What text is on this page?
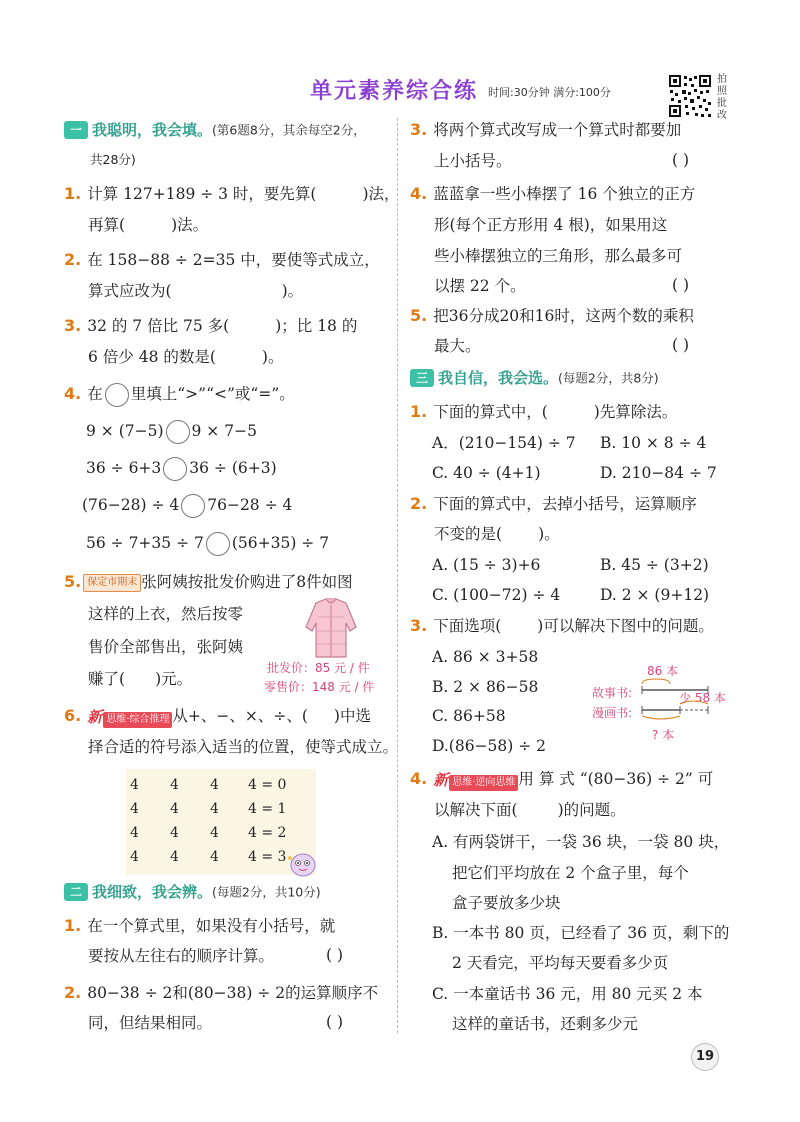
单元素养综合练 时间:30分钟 满分:100分
拍照批改
一 我聪明，我会填。(第6题8分，其余每空2分，
共28分)
1. 计算 127+189 ÷ 3 时，要先算(	)法，
再算(	)法。
2. 在 158−88 ÷ 2=35 中，要使等式成立，
算式应改为(	)。
3. 32 的 7 倍比 75 多(	)；比 18 的
6 倍少 48 的数是(	)。
4. 在 里填上“>”“<”或“=”。
9 × (7−5) 9 × 7−5
36 ÷ 6+3 36 ÷ (6+3)
(76−28) ÷ 4 76−28 ÷ 4
56 ÷ 7+35 ÷ 7 (56+35) ÷ 7
5. 保定市期末 张阿姨按批发价购进了8件如图
这样的上衣，然后按零
售价全部售出，张阿姨
赚了( )元。
批发价：85 元 / 件
零售价：148 元 / 件
6. 新 思维·综合推理 从+、−、×、÷、( )中选
择合适的符号添入适当的位置，使等式成立。
4	4	4	4 = 0
4	4	4	4 = 1
4	4	4	4 = 2
4	4	4	4 = 3
二 我细致，我会辨。(每题2分，共10分)
1. 在一个算式里，如果没有小括号，就
要按从左往右的顺序计算。	( )
2. 80−38 ÷ 2和(80−38) ÷ 2的运算顺序不
同，但结果相同。	( )
3. 将两个算式改写成一个算式时都要加
上小括号。	( )
4. 蓝蓝拿一些小棒摆了 16 个独立的正方
形(每个正方形用 4 根)，如果用这
些小棒摆独立的三角形，那么最多可
以摆 22 个。	( )
5. 把36分成20和16时，这两个数的乘积
最大。	( )
三 我自信，我会选。(每题2分，共8分)
1. 下面的算式中，(	)先算除法。
A．(210−154) ÷ 7 B. 10 × 8 ÷ 4
C. 40 ÷ (4+1)	D. 210−84 ÷ 7
2. 下面的算式中，去掉小括号，运算顺序
不变的是( )。
A. (15 ÷ 3)+6	B. 45 ÷ (3+2)
C. (100−72) ÷ 4	D. 2 × (9+12)
3. 下面选项( )可以解决下图中的问题。
A. 86 × 3+58
B. 2 × 86−58
C. 86+58
D.(86−58) ÷ 2
86 本
故事书:
漫画书:
少 58 本
? 本
4. 新 思维·逆向思维 用 算 式 “(80−36) ÷ 2” 可
以解决下面(	)的问题。
A. 有两袋饼干，一袋 36 块，一袋 80 块，
把它们平均放在 2 个盒子里，每个
盒子要放多少块
B. 一本书 80 页，已经看了 36 页，剩下的
2 天看完，平均每天要看多少页
C. 一本童话书 36 元，用 80 元买 2 本
这样的童话书，还剩多少元
19
